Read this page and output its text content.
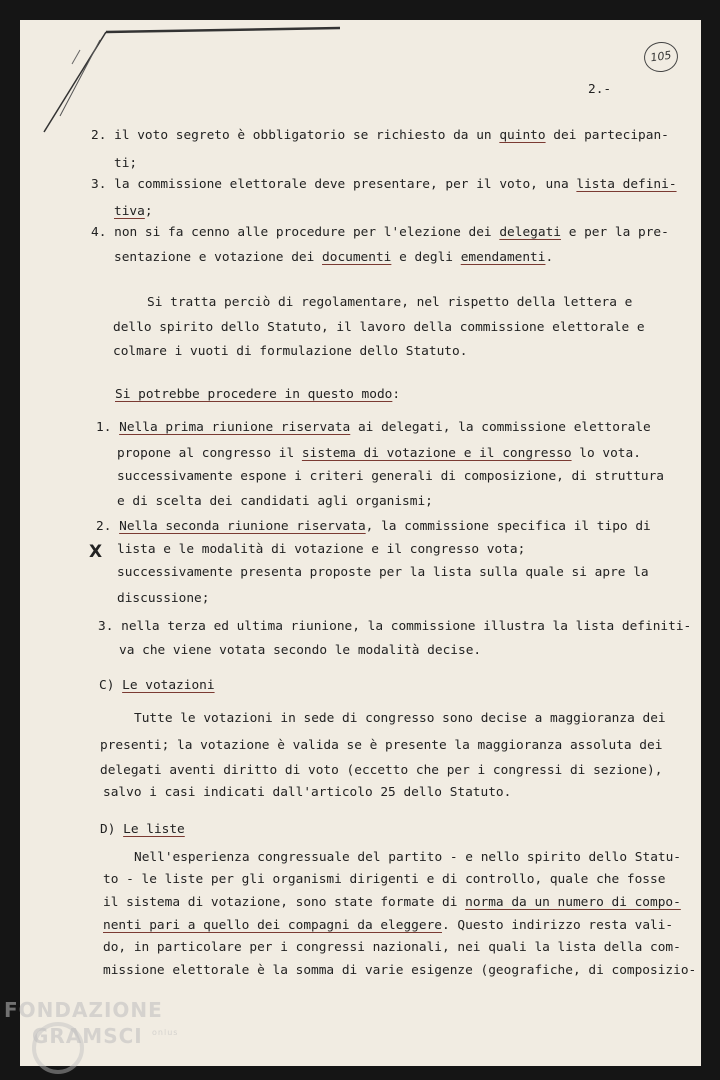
105
2.-
2. il voto segreto è obbligatorio se richiesto da un quinto dei partecipan-
ti;
3. la commissione elettorale deve presentare, per il voto, una lista defini-
tiva;
4. non si fa cenno alle procedure per l'elezione dei delegati e per la pre-
sentazione e votazione dei documenti e degli emendamenti.
Si tratta perciò di regolamentare, nel rispetto della lettera e
dello spirito dello Statuto, il lavoro della commissione elettorale e
colmare i vuoti di formulazione dello Statuto.
Si potrebbe procedere in questo modo:
1. Nella prima riunione riservata ai delegati, la commissione elettorale
propone al congresso il sistema di votazione e il congresso lo vota.
successivamente espone i criteri generali di composizione, di struttura
e di scelta dei candidati agli organismi;
2. Nella seconda riunione riservata, la commissione specifica il tipo di
X lista e le modalità di votazione e il congresso vota;
successivamente presenta proposte per la lista sulla quale si apre la
discussione;
3. nella terza ed ultima riunione, la commissione illustra la lista definiti-
va che viene votata secondo le modalità decise.
C) Le votazioni
Tutte le votazioni in sede di congresso sono decise a maggioranza dei
presenti; la votazione è valida se è presente la maggioranza assoluta dei
delegati aventi diritto di voto (eccetto che per i congressi di sezione),
salvo i casi indicati dall'articolo 25 dello Statuto.
D) Le liste
Nell'esperienza congressuale del partito - e nello spirito dello Statu-
to - le liste per gli organismi dirigenti e di controllo, quale che fosse
il sistema di votazione, sono state formate di norma da un numero di compo-
nenti pari a quello dei compagni da eleggere. Questo indirizzo resta vali-
do, in particolare per i congressi nazionali, nei quali la lista della com-
missione elettorale è la somma di varie esigenze (geografiche, di composizio-
FONDAZIONE
GRAMSCI	onlus
